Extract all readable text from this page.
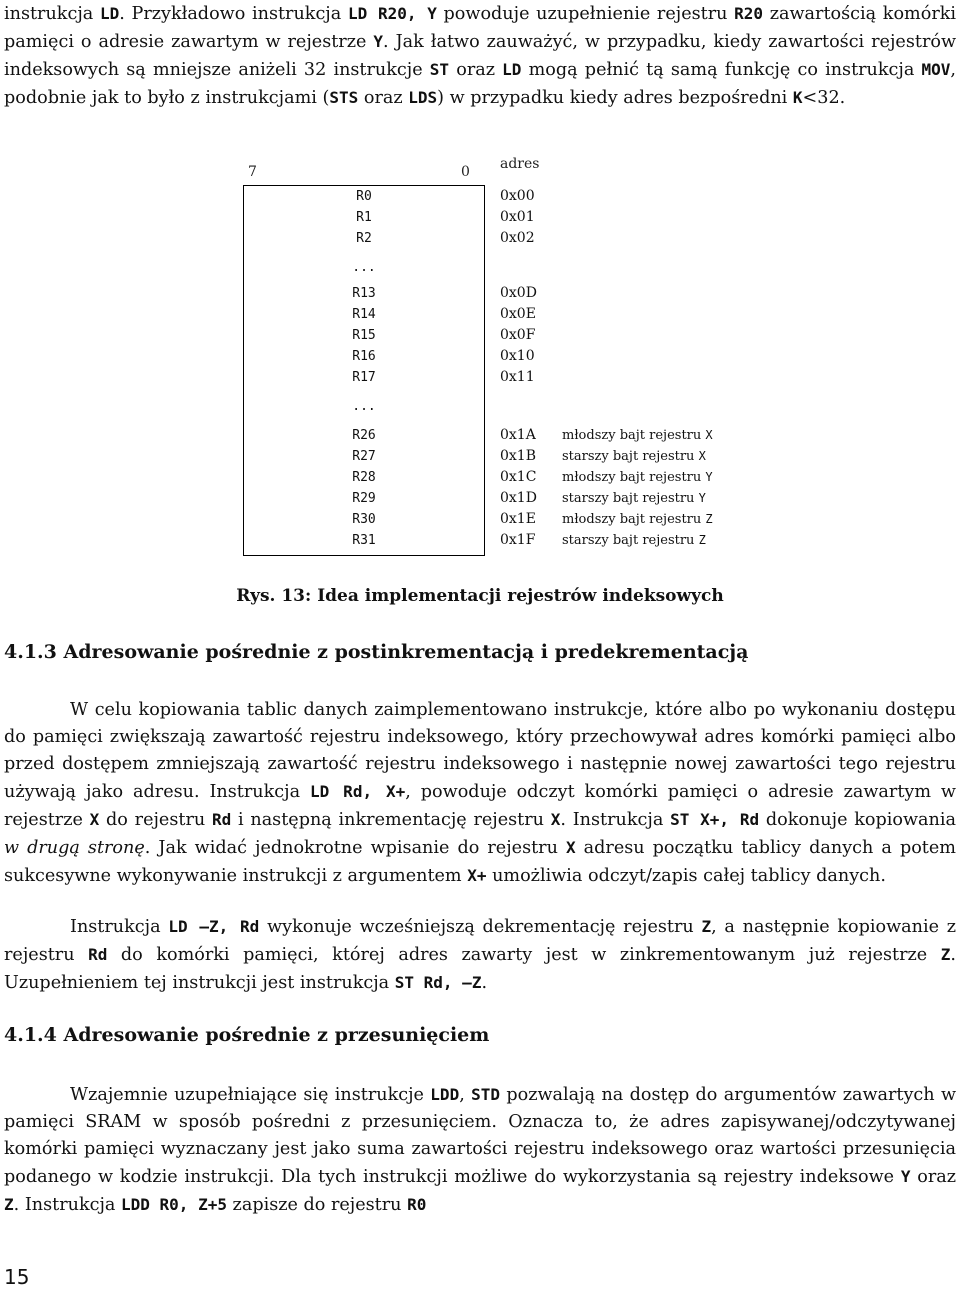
instrukcja LD. Przykładowo instrukcja LD R20, Y powoduje uzupełnienie rejestru R20 zawartością komórki pamięci o adresie zawartym w rejestrze Y. Jak łatwo zauważyć, w przypadku, kiedy zawartości rejestrów indeksowych są mniejsze aniżeli 32 instrukcje ST oraz LD mogą pełnić tą samą funkcję co instrukcja MOV, podobnie jak to było z instrukcjami (STS oraz LDS) w przypadku kiedy adres bezpośredni K<32.
7	0 adres
R0	0x00
R1	0x01
R2	0x02
...
R13	0x0D
R14	0x0E
R15	0x0F
R16	0x10
R17	0x11
...
R26	0x1A młodszy bajt rejestru X
R27	0x1B starszy bajt rejestru X
R28	0x1C młodszy bajt rejestru Y
R29	0x1D starszy bajt rejestru Y
R30	0x1E młodszy bajt rejestru Z
R31	0x1F starszy bajt rejestru Z
Rys. 13: Idea implementacji rejestrów indeksowych
4.1.3 Adresowanie pośrednie z postinkrementacją i predekrementacją
W celu kopiowania tablic danych zaimplementowano instrukcje, które albo po wykonaniu dostępu do pamięci zwiększają zawartość rejestru indeksowego, który przechowywał adres komórki pamięci albo przed dostępem zmniejszają zawartość rejestru indeksowego i następnie nowej zawartości tego rejestru używają jako adresu. Instrukcja LD Rd, X+, powoduje odczyt komórki pamięci o adresie zawartym w rejestrze X do rejestru Rd i następną inkrementację rejestru X. Instrukcja ST X+, Rd dokonuje kopiowania w drugą stronę. Jak widać jednokrotne wpisanie do rejestru X adresu początku tablicy danych a potem sukcesywne wykonywanie instrukcji z argumentem X+ umożliwia odczyt/zapis całej tablicy danych.
Instrukcja LD –Z, Rd wykonuje wcześniejszą dekrementację rejestru Z, a następnie kopiowanie z rejestru Rd do komórki pamięci, której adres zawarty jest w zinkrementowanym już rejestrze Z. Uzupełnieniem tej instrukcji jest instrukcja ST Rd, –Z.
4.1.4 Adresowanie pośrednie z przesunięciem
Wzajemnie uzupełniające się instrukcje LDD, STD pozwalają na dostęp do argumentów zawartych w pamięci SRAM w sposób pośredni z przesunięciem. Oznacza to, że adres zapisywanej/odczytywanej komórki pamięci wyznaczany jest jako suma zawartości rejestru indeksowego oraz wartości przesunięcia podanego w kodzie instrukcji. Dla tych instrukcji możliwe do wykorzystania są rejestry indeksowe Y oraz Z. Instrukcja LDD R0, Z+5 zapisze do rejestru R0
15
